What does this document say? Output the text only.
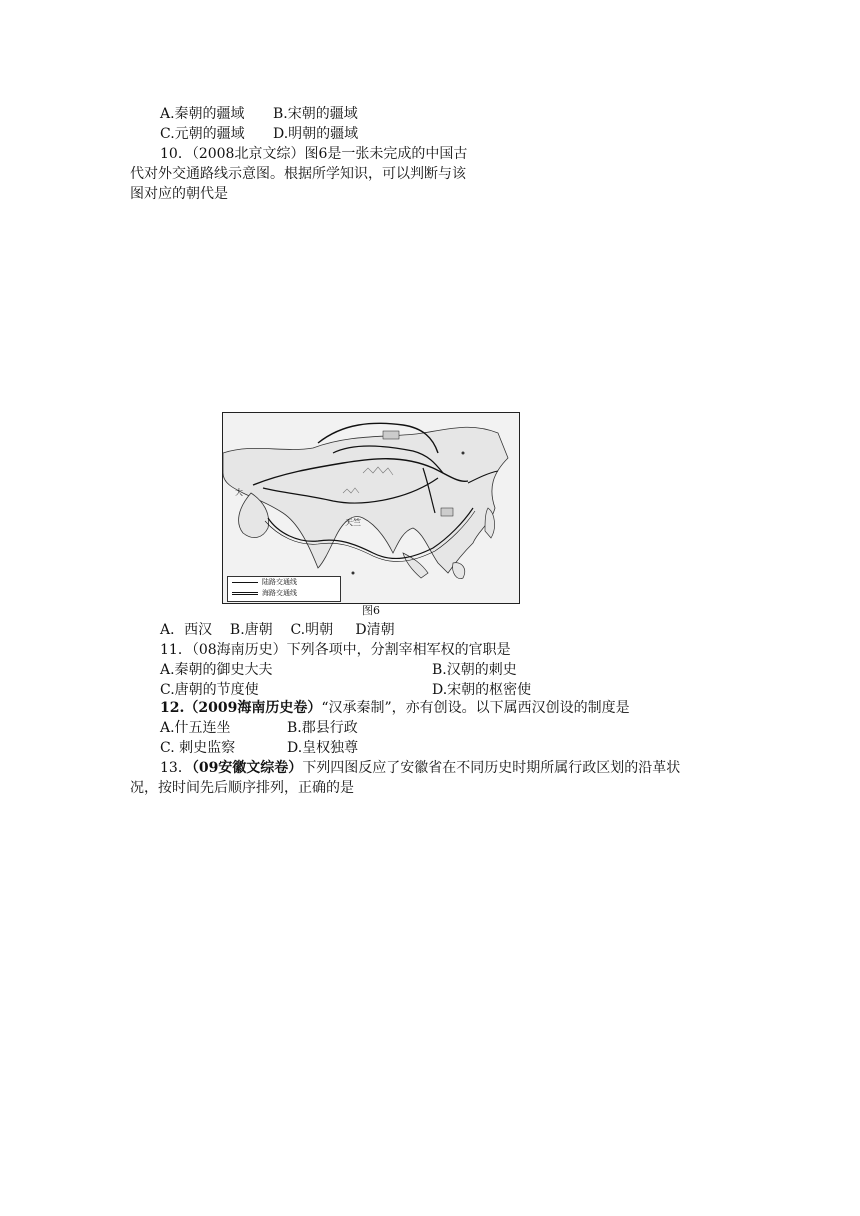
A.秦朝的疆域 B.宋朝的疆域
C.元朝的疆域 D.明朝的疆域
10．（2008北京文综）图6是一张未完成的中国古
代对外交通路线示意图。根据所学知识，可以判断与该
图对应的朝代是
大
天竺
陆路交通线
海路交通线
图6
A．西汉    B.唐朝    C.明朝     D清朝
11．（08海南历史）下列各项中，分割宰相军权的官职是
A.秦朝的御史大夫	B.汉朝的刺史
C.唐朝的节度使	D.宋朝的枢密使
12.（2009海南历史卷）“汉承秦制”，亦有创设。以下属西汉创设的制度是
A.什五连坐	B.郡县行政
C. 刺史监察	D.皇权独尊
13．（09安徽文综卷）下列四图反应了安徽省在不同历史时期所属行政区划的沿革状
况，按时间先后顺序排列，正确的是
